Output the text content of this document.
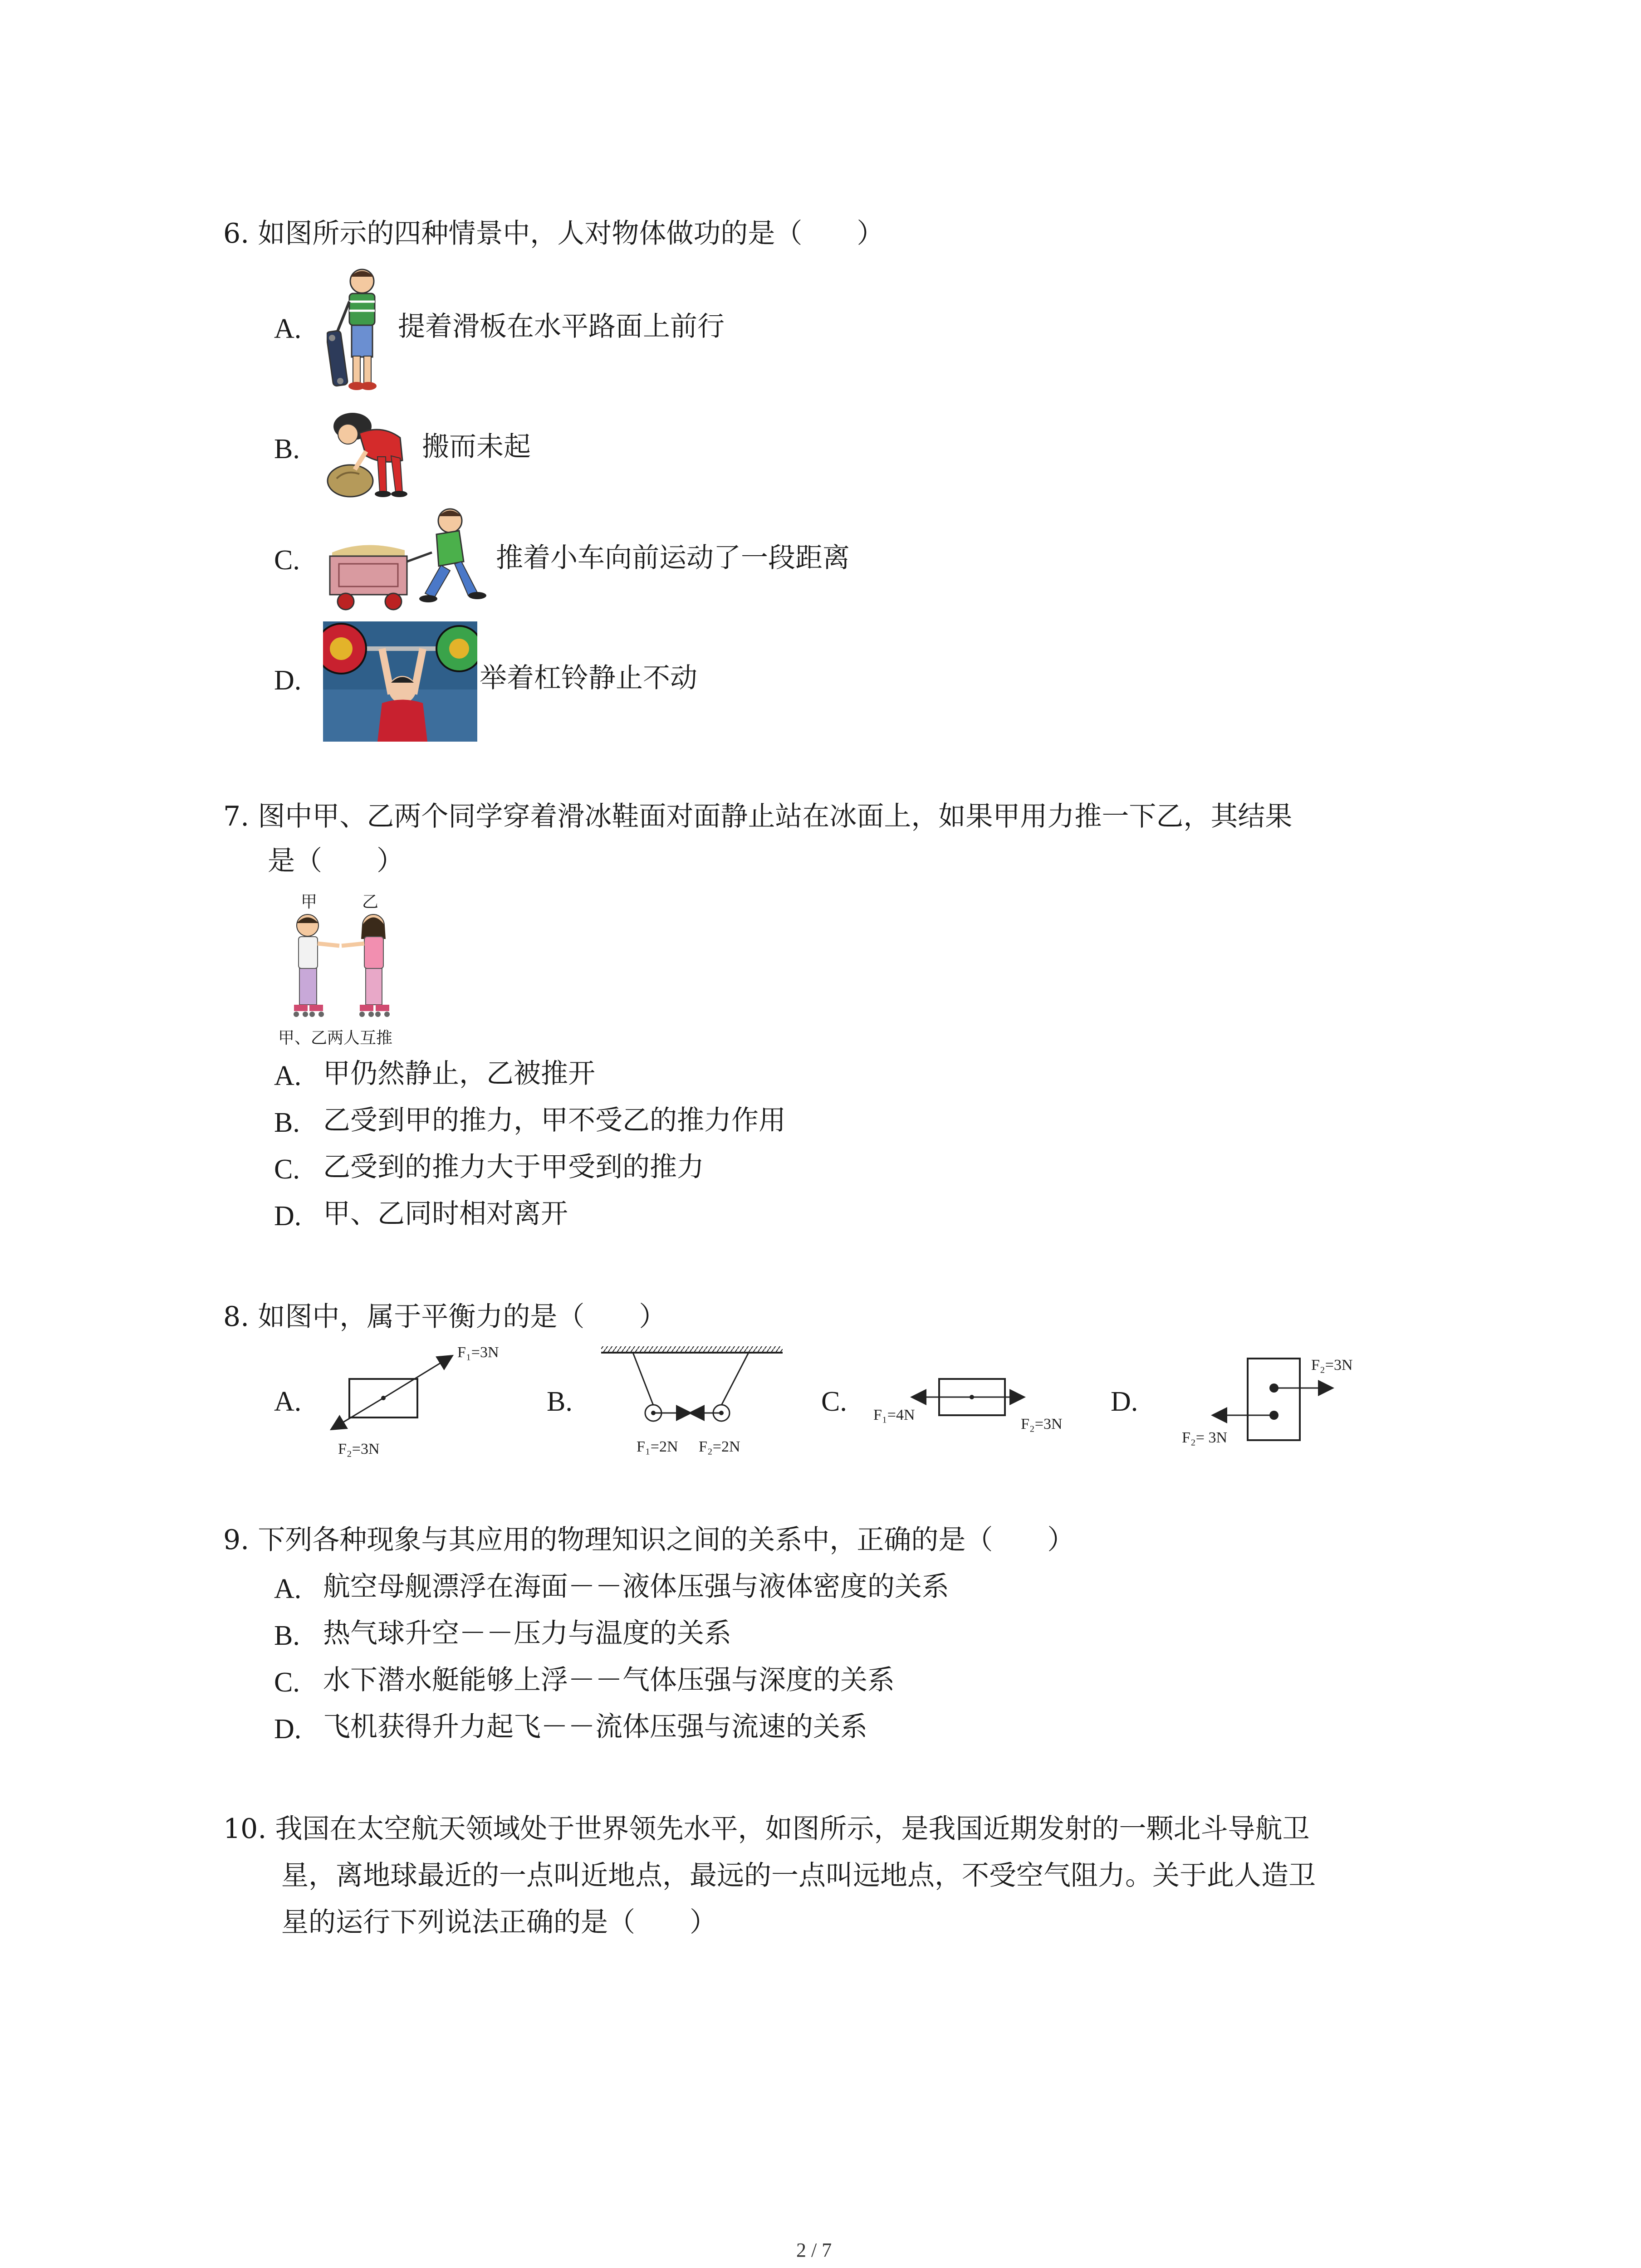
6. 如图所示的四种情景中，人对物体做功的是（　　）
A.	提着滑板在水平路面上前行
B.	搬而未起
C.	推着小车向前运动了一段距离
D.	举着杠铃静止不动
7. 图中甲、乙两个同学穿着滑冰鞋面对面静止站在冰面上，如果甲用力推一下乙，其结果
是（　　）
甲	乙
甲、乙两人互推
A. 甲仍然静止，乙被推开
B. 乙受到甲的推力，甲不受乙的推力作用
C. 乙受到的推力大于甲受到的推力
D. 甲、乙同时相对离开
8. 如图中，属于平衡力的是（　　）
A.
F₁=3N
F₂=3N
B.
F₁=2N F₂=2N
C. F₁=4N
F₂=3N
D.
F₂=3N
F₂= 3N
9. 下列各种现象与其应用的物理知识之间的关系中，正确的是（　　）
A. 航空母舰漂浮在海面－－液体压强与液体密度的关系
B. 热气球升空－－压力与温度的关系
C. 水下潜水艇能够上浮－－气体压强与深度的关系
D. 飞机获得升力起飞－－流体压强与流速的关系
10. 我国在太空航天领域处于世界领先水平，如图所示，是我国近期发射的一颗北斗导航卫
星，离地球最近的一点叫近地点，最远的一点叫远地点，不受空气阻力。关于此人造卫
星的运行下列说法正确的是（　　）
2 / 7
